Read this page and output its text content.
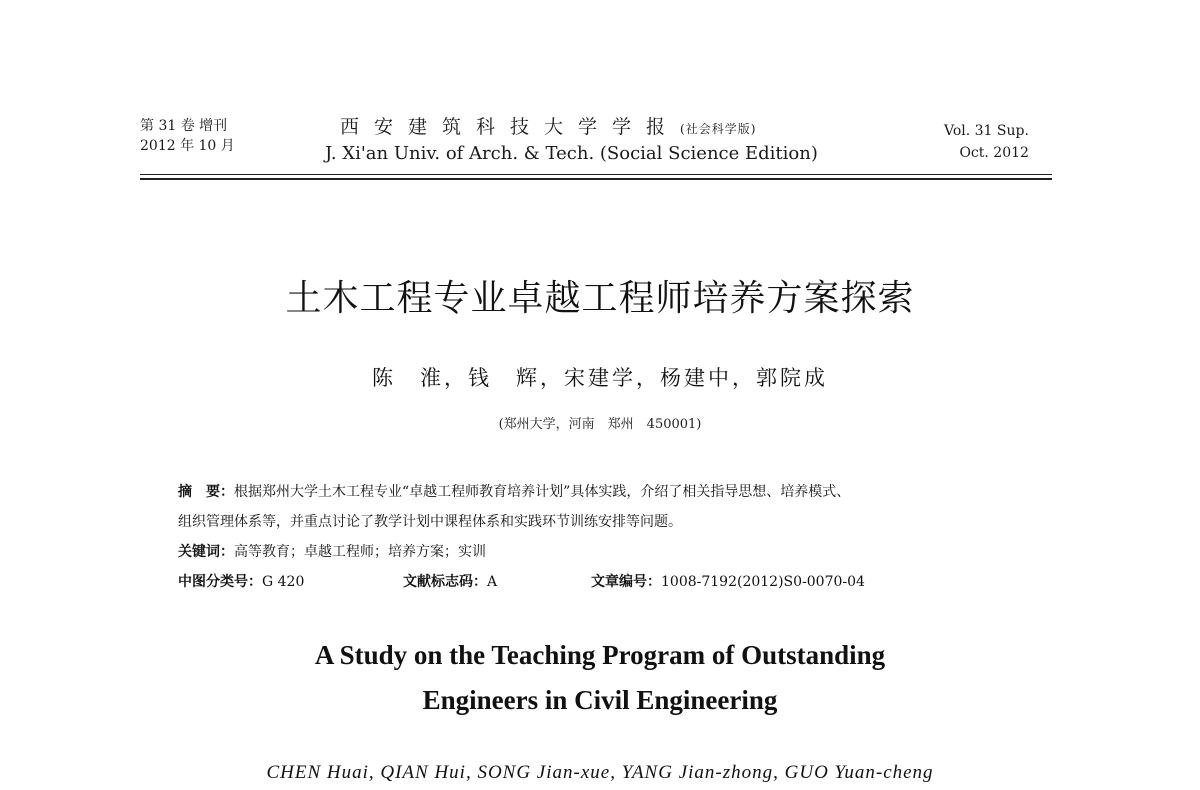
第 31 卷 增刊
2012 年 10 月
西安建筑科技大学学报(社会科学版)
J. Xi'an Univ. of Arch. & Tech. (Social Science Edition)
Vol. 31 Sup.
Oct. 2012
土木工程专业卓越工程师培养方案探索
陈　淮，钱　辉，宋建学，杨建中，郭院成
(郑州大学，河南　郑州　450001)
摘　要：根据郑州大学土木工程专业“卓越工程师教育培养计划”具体实践，介绍了相关指导思想、培养模式、
组织管理体系等，并重点讨论了教学计划中课程体系和实践环节训练安排等问题。
关键词：高等教育；卓越工程师；培养方案；实训
中图分类号：G 420	文献标志码：A	文章编号：1008-7192(2012)S0-0070-04
A Study on the Teaching Program of Outstanding
Engineers in Civil Engineering
CHEN Huai, QIAN Hui, SONG Jian-xue, YANG Jian-zhong, GUO Yuan-cheng
